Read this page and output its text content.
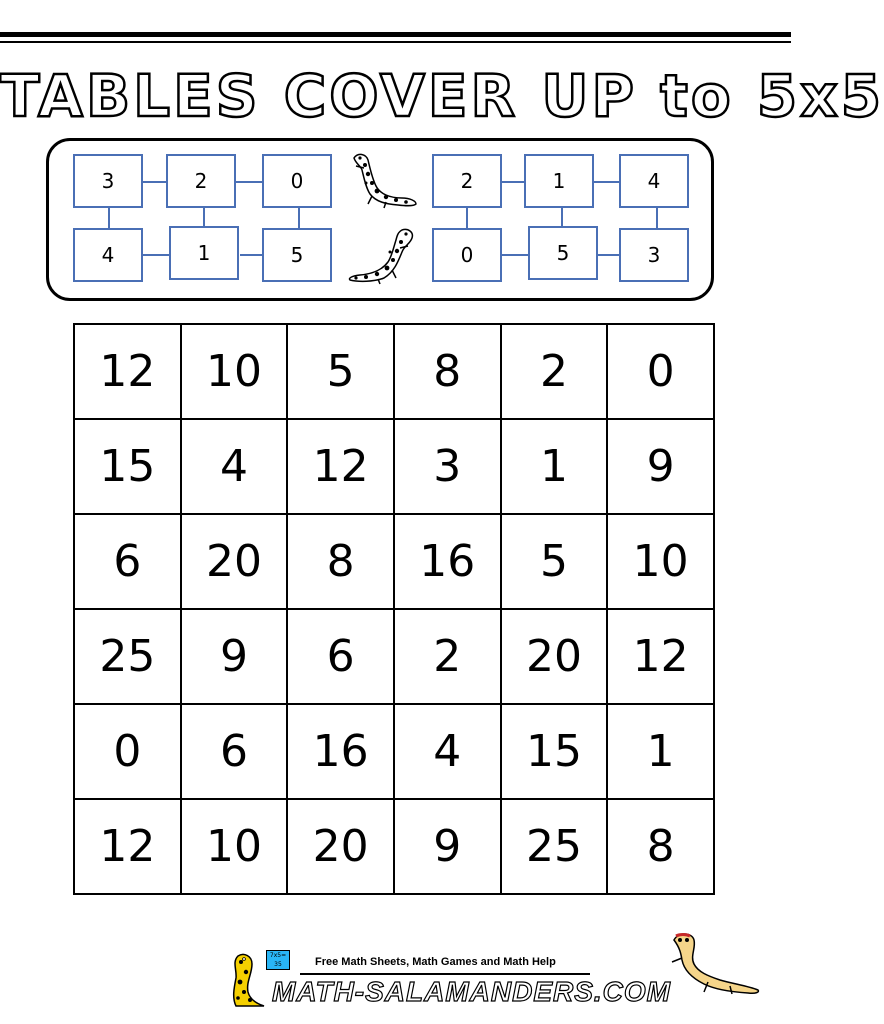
TABLES COVER UP to 5x5
3	2	0
4	1	5
2	1	4
0	5	3
12	10	5	8	2	0
15	4	12	3	1	9
6	20	8	16	5	10
25	9	6	2	20	12
0	6	16	4	15	1
12	10	20	9	25	8
7x5=
35	Free Math Sheets, Math Games and Math Help
MATH-SALAMANDERS.COM
